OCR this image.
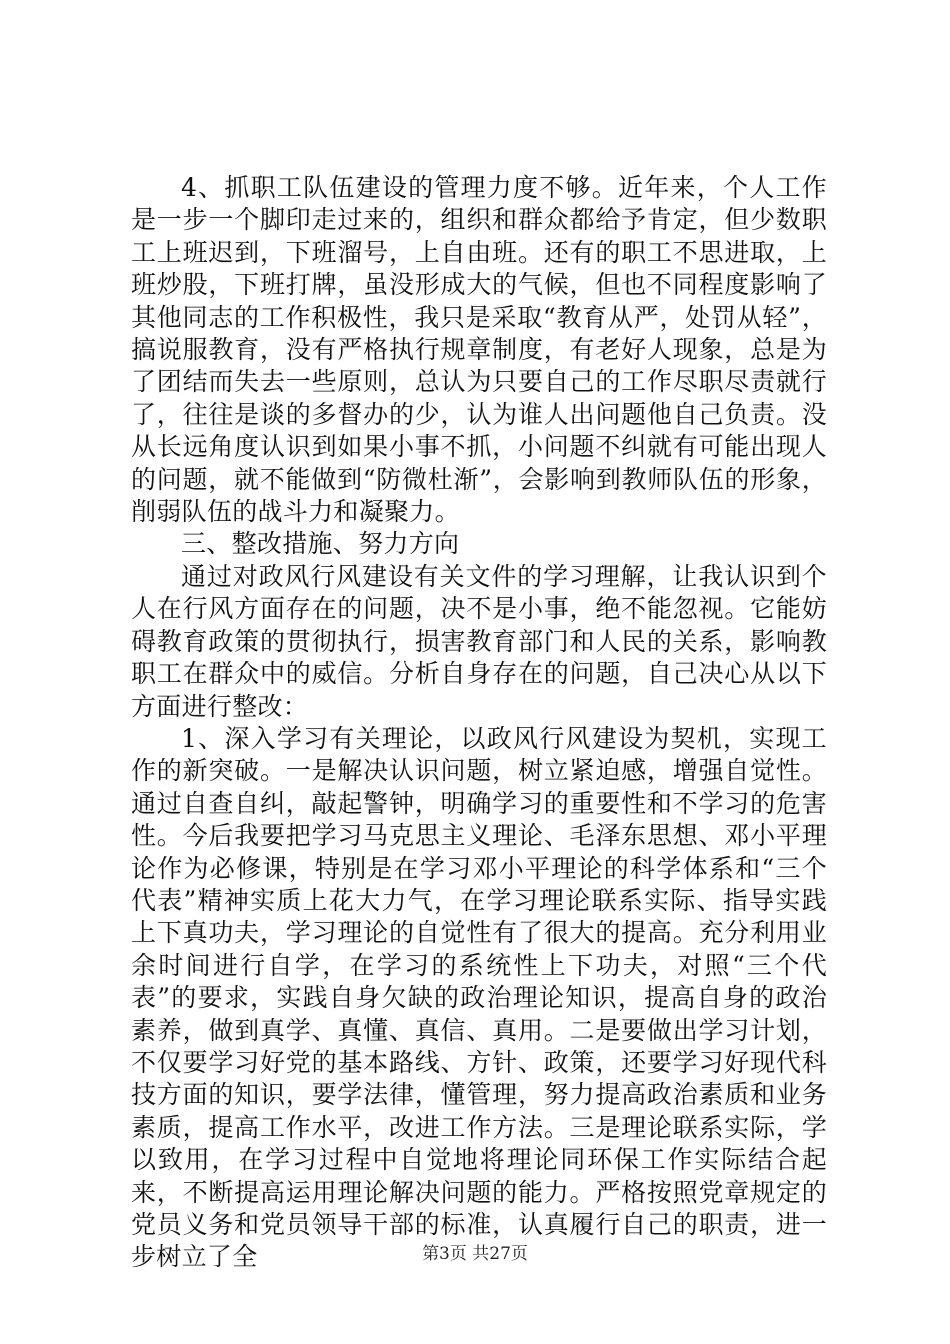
4、抓职工队伍建设的管理力度不够。近年来，个人工作是一步一个脚印走过来的，组织和群众都给予肯定，但少数职工上班迟到，下班溜号，上自由班。还有的职工不思进取，上班炒股，下班打牌，虽没形成大的气候，但也不同程度影响了其他同志的工作积极性，我只是采取“教育从严，处罚从轻”，搞说服教育，没有严格执行规章制度，有老好人现象，总是为了团结而失去一些原则，总认为只要自己的工作尽职尽责就行了，往往是谈的多督办的少，认为谁人出问题他自己负责。没从长远角度认识到如果小事不抓，小问题不纠就有可能出现人的问题，就不能做到“防微杜渐”，会影响到教师队伍的形象，削弱队伍的战斗力和凝聚力。

三、整改措施、努力方向

通过对政风行风建设有关文件的学习理解，让我认识到个人在行风方面存在的问题，决不是小事，绝不能忽视。它能妨碍教育政策的贯彻执行，损害教育部门和人民的关系，影响教职工在群众中的威信。分析自身存在的问题，自己决心从以下方面进行整改：

1、深入学习有关理论，以政风行风建设为契机，实现工作的新突破。一是解决认识问题，树立紧迫感，增强自觉性。通过自查自纠，敲起警钟，明确学习的重要性和不学习的危害性。今后我要把学习马克思主义理论、毛泽东思想、邓小平理论作为必修课，特别是在学习邓小平理论的科学体系和“三个代表”精神实质上花大力气，在学习理论联系实际、指导实践上下真功夫，学习理论的自觉性有了很大的提高。充分利用业余时间进行自学，在学习的系统性上下功夫，对照“三个代表”的要求，实践自身欠缺的政治理论知识，提高自身的政治素养，做到真学、真懂、真信、真用。二是要做出学习计划，不仅要学习好党的基本路线、方针、政策，还要学习好现代科技方面的知识，要学法律，懂管理，努力提高政治素质和业务素质，提高工作水平，改进工作方法。三是理论联系实际，学以致用，在学习过程中自觉地将理论同环保工作实际结合起来，不断提高运用理论解决问题的能力。严格按照党章规定的党员义务和党员领导干部的标准，认真履行自己的职责，进一步树立了全	第3页 共27页
